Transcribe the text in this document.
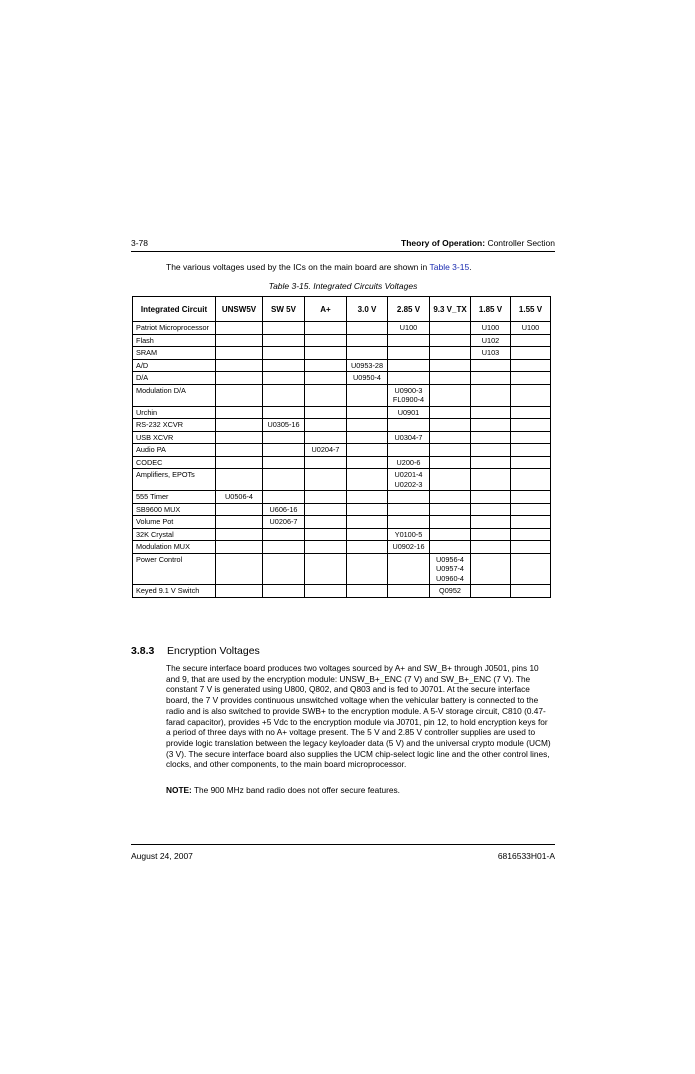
3-78	Theory of Operation: Controller Section
The various voltages used by the ICs on the main board are shown in Table 3-15.
Table 3-15. Integrated Circuits Voltages
Integrated Circuit	UNSW5V	SW 5V	A+	3.0 V	2.85 V	9.3 V_TX	1.85 V	1.55 V
Patriot Microprocessor					U100		U100	U100
Flash							U102	
SRAM							U103	
A/D				U0953-28				
D/A				U0950-4				
Modulation D/A					U0900-3
FL0900-4			
Urchin					U0901			
RS-232 XCVR		U0305-16						
USB XCVR					U0304-7			
Audio PA			U0204-7					
CODEC					U200-6			
Amplifiers, EPOTs					U0201-4
U0202-3			
555 Timer	U0506-4							
SB9600 MUX		U606-16						
Volume Pot		U0206-7						
32K Crystal					Y0100-5			
Modulation MUX					U0902-16			
Power Control						U0956-4
U0957-4
U0960-4		
Keyed 9.1 V Switch						Q0952		
3.8.3 Encryption Voltages
The secure interface board produces two voltages sourced by A+ and SW_B+ through J0501, pins 10 and 9, that are used by the encryption module: UNSW_B+_ENC (7 V) and SW_B+_ENC (7 V). The constant 7 V is generated using U800, Q802, and Q803 and is fed to J0701. At the secure interface board, the 7 V provides continuous unswitched voltage when the vehicular battery is connected to the radio and is also switched to provide SWB+ to the encryption module. A 5-V storage circuit, C810 (0.47-farad capacitor), provides +5 Vdc to the encryption module via J0701, pin 12, to hold encryption keys for a period of three days with no A+ voltage present. The 5 V and 2.85 V controller supplies are used to provide logic translation between the legacy keyloader data (5 V) and the universal crypto module (UCM) (3 V). The secure interface board also supplies the UCM chip-select logic line and the other control lines, clocks, and other components, to the main board microprocessor.
NOTE: The 900 MHz band radio does not offer secure features.
August 24, 2007	6816533H01-A
